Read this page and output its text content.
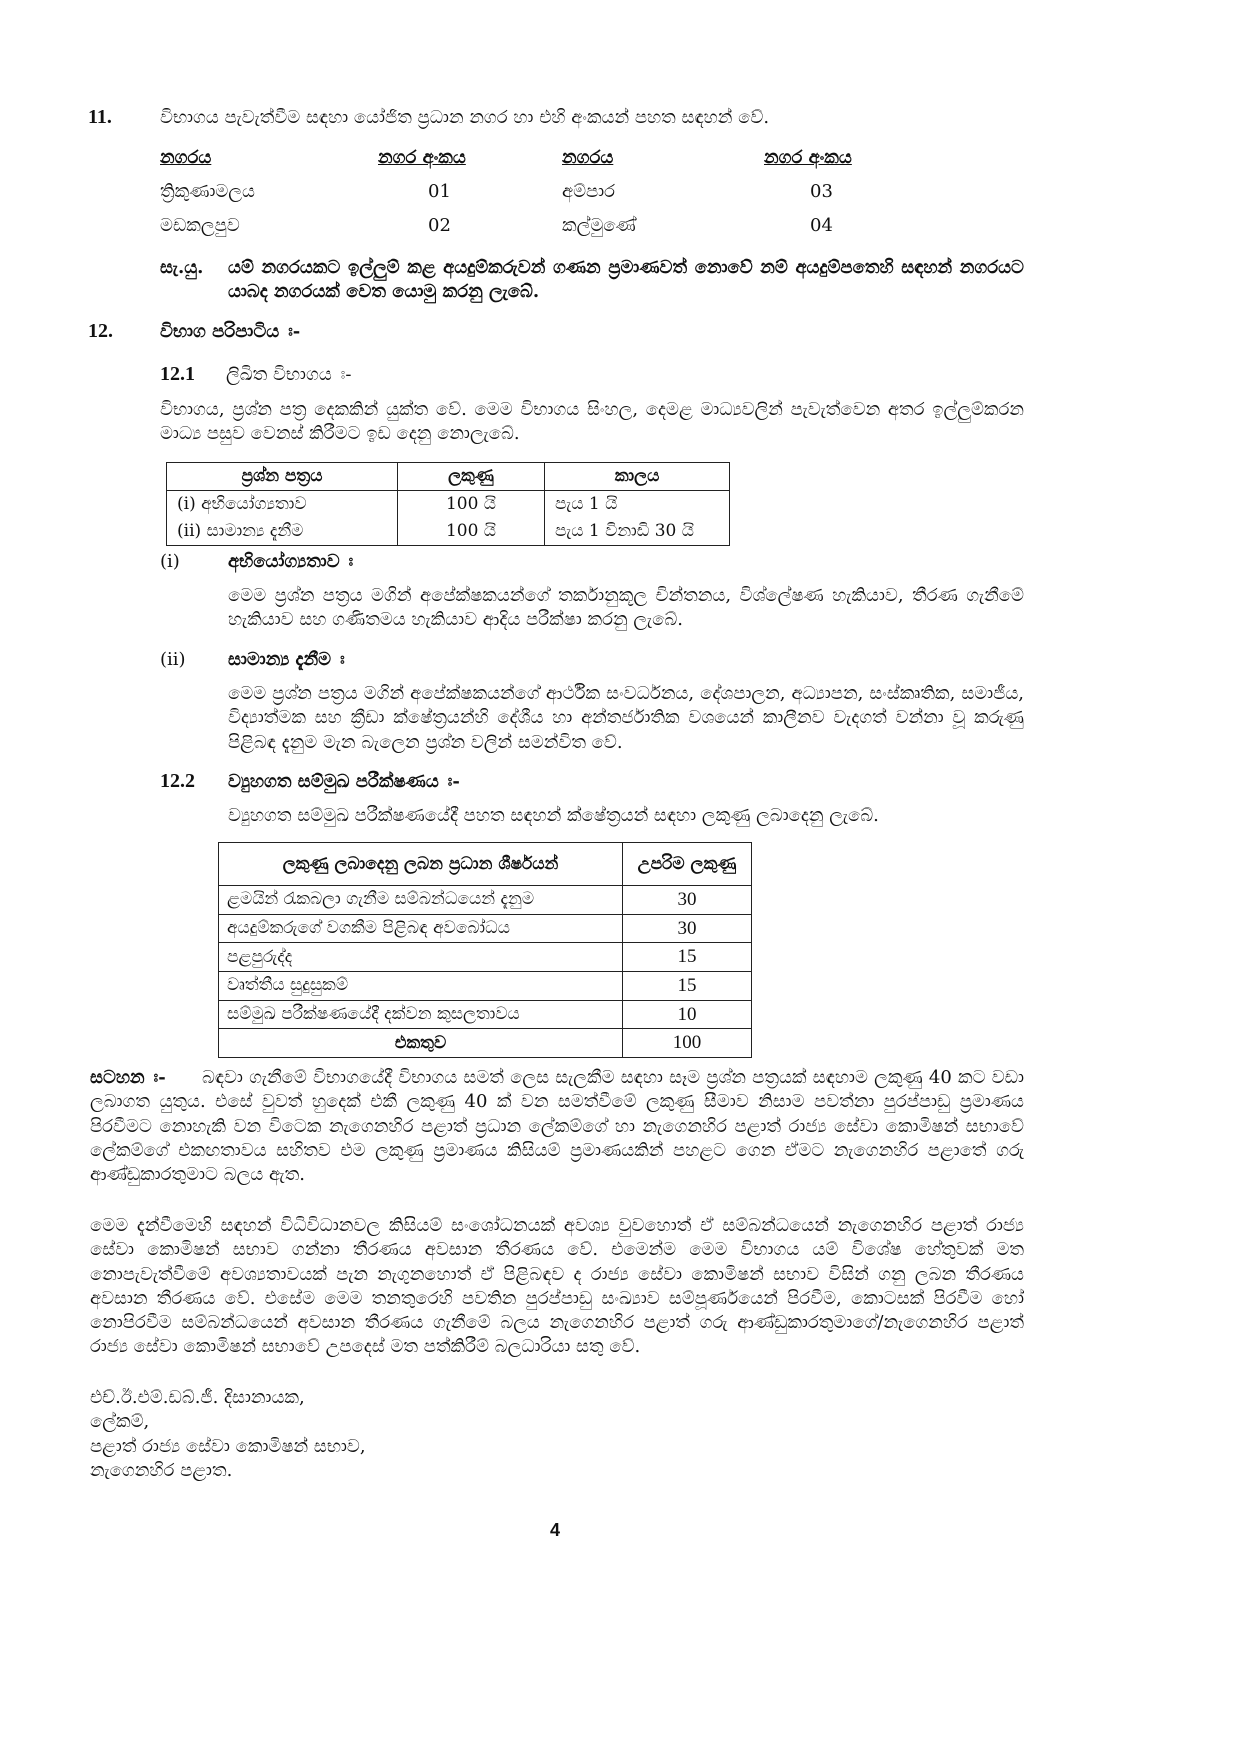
11.	විභාගය පැවැත්වීම සඳහා යෝජිත ප්‍රධාන නගර හා එහි අංකයන් පහත සඳහන් වේ.
නගරය	නගර අංකය	නගරය	නගර අංකය
ත්‍රිකුණාමලය	01	අම්පාර	03
මඩකලපුව	02	කල්මුණේ	04
සැ.යු. යම් නගරයකට ඉල්ලුම් කළ අයදුම්කරුවන් ගණන ප්‍රමාණවත් නොවේ නම් අයදුම්පතෙහි සඳහන් නගරයට යාබද නගරයක් වෙත යොමු කරනු ලැබේ.
12.	විභාග පරිපාටිය ඃ-
12.1 ලිඛිත විභාගය ඃ-
විභාගය, ප්‍රශ්න පත්‍ර දෙකකින් යුක්ත වේ. මෙම විභාගය සිංහල, දෙමළ මාධ්‍යවලින් පැවැත්වෙන අතර ඉල්ලුම්කරන මාධ්‍ය පසුව වෙනස් කිරීමට ඉඩ දෙනු නොලැබේ.
ප්‍රශ්න පත්‍රය	ලකුණු	කාලය
(i) අභියෝග්‍යතාව	100 යි	පැය 1 යි
(ii) සාමාන්‍ය දැනීම	100 යි	පැය 1 විනාඩි 30 යි
(i)	අභියෝග්‍යතාව ඃ
මෙම ප්‍රශ්න පත්‍රය මගින් අපේක්ෂකයන්ගේ තර්කානුකූල චින්තනය, විශ්ලේෂණ හැකියාව, තීරණ ගැනීමේ හැකියාව සහ ගණිතමය හැකියාව ආදිය පරීක්ෂා කරනු ලැබේ.
(ii) සාමාන්‍ය දැනීම ඃ
මෙම ප්‍රශ්න පත්‍රය මගින් අපේක්ෂකයන්ගේ ආර්ථික සංවර්ධනය, දේශපාලන, අධ්‍යාපන, සංස්කෘතික, සමාජීය, විද්‍යාත්මක සහ ක්‍රීඩා ක්ෂේත්‍රයන්හි දේශීය හා අන්තර්ජාතික වශයෙන් කාලීනව වැදගත් වන්නා වූ කරුණු පිළිබඳ දැනුම මැන බැලෙන ප්‍රශ්න වලින් සමන්විත වේ.
12.2 ව්‍යුහගත සම්මුඛ පරීක්ෂණය ඃ-
ව්‍යුහගත සම්මුඛ පරීක්ෂණයේදී පහත සඳහන් ක්ෂේත්‍රයන් සඳහා ලකුණු ලබාදෙනු ලැබේ.
ලකුණු ලබාදෙනු ලබන ප්‍රධාන ශීර්ෂයන්	උපරිම ලකුණු
ළමයින් රැකබලා ගැනීම සම්බන්ධයෙන් දැනුම	30
අයදුම්කරුගේ වගකීම පිළිබඳ අවබෝධය	30
පළපුරුද්ද	15
වෘත්තීය සුදුසුකම්	15
සම්මුඛ පරීක්ෂණයේදී දක්වන කුසලතාවය	10
එකතුව	100
සටහන ඃ-	බඳවා ගැනීමේ විභාගයේදී විභාගය සමත් ලෙස සැලකීම සඳහා සෑම ප්‍රශ්න පත්‍රයක් සඳහාම ලකුණු 40 කට වඩා ලබාගත යුතුය. එසේ වුවත් හුදෙක් එකී ලකුණු 40 ක් වන සමත්වීමේ ලකුණු සීමාව නිසාම පවත්නා පුරප්පාඩු ප්‍රමාණය පිරවීමට නොහැකි වන විටෙක නැගෙනහිර පළාත් ප්‍රධාන ලේකම්ගේ හා නැගෙනහිර පළාත් රාජ්‍ය සේවා කොමිෂන් සභාවේ ලේකම්ගේ එකඟතාවය සහිතව එම ලකුණු ප්‍රමාණය කිසියම් ප්‍රමාණයකින් පහළට ගෙන ඒමට නැගෙනහිර පළාතේ ගරු ආණ්ඩුකාරතුමාට බලය ඇත.
මෙම දැන්වීමෙහි සඳහන් විධිවිධානවල කිසියම් සංශෝධනයක් අවශ්‍ය වුවහොත් ඒ සම්බන්ධයෙන් නැගෙනහිර පළාත් රාජ්‍ය සේවා කොමිෂන් සභාව ගන්නා තීරණය අවසාන තීරණය වේ. එමෙන්ම මෙම විභාගය යම් විශේෂ හේතුවක් මත නොපැවැත්වීමේ අවශ්‍යතාවයක් පැන නැගුනහොත් ඒ පිළිබඳව ද රාජ්‍ය සේවා කොමිෂන් සභාව විසින් ගනු ලබන තීරණය අවසාන තීරණය වේ. එසේම මෙම තනතුරෙහි පවතින පුරප්පාඩු සංඛ්‍යාව සම්පූර්ණයෙන් පිරවීම, කොටසක් පිරවීම හෝ නොපිරවීම සම්බන්ධයෙන් අවසාන තීරණය ගැනීමේ බලය නැගෙනහිර පළාත් ගරු ආණ්ඩුකාරතුමාගේ/නැගෙනහිර පළාත් රාජ්‍ය සේවා කොමිෂන් සභාවේ උපදෙස් මත පත්කිරීම් බලධාරියා සතු වේ.
එච්.ඊ.එම්.ඩබ්.ජී. දිසානායක,
ලේකම්,
පළාත් රාජ්‍ය සේවා කොමිෂන් සභාව,
නැගෙනහිර පළාත.
4
